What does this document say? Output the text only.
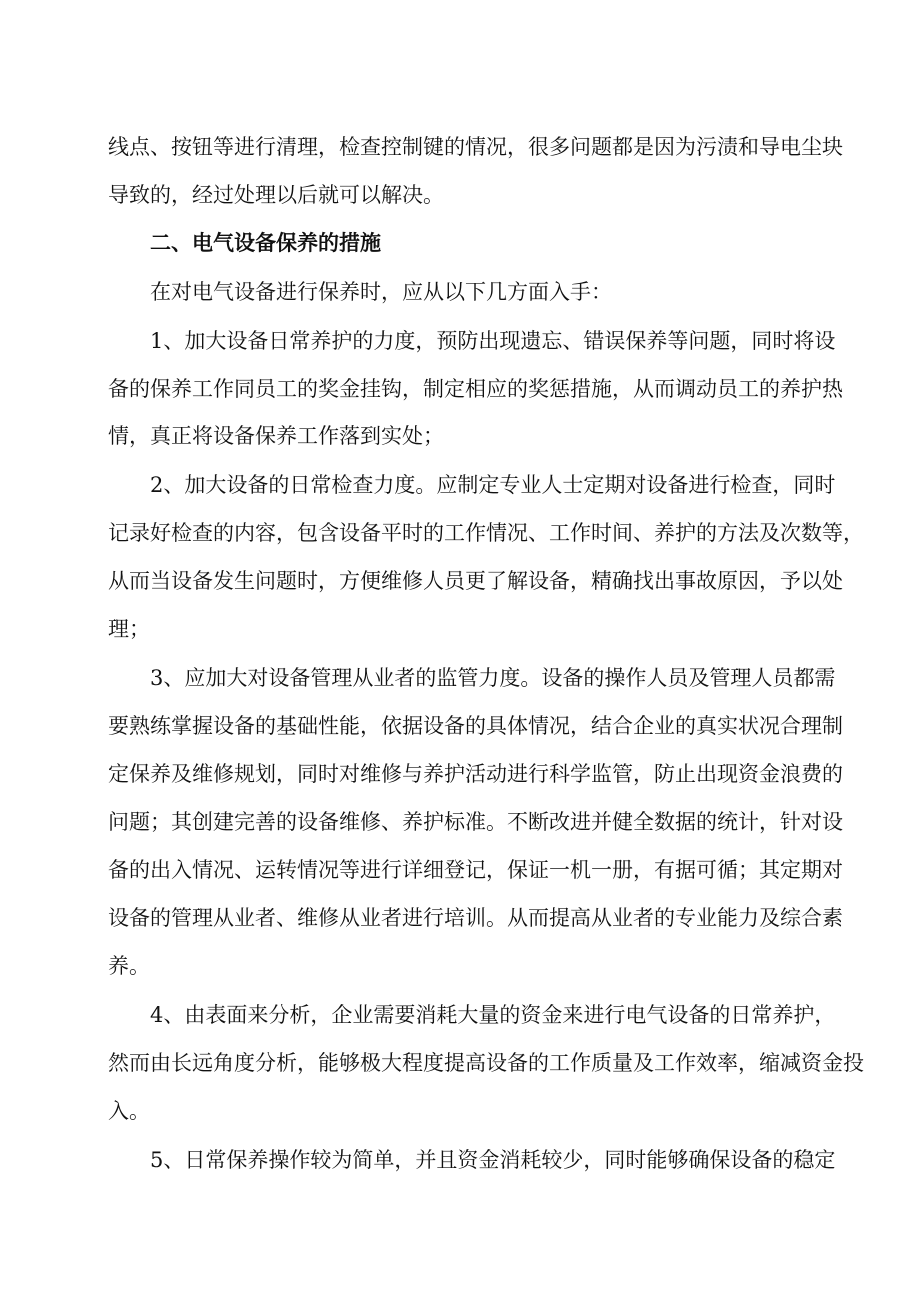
线点、按钮等进行清理，检查控制键的情况，很多问题都是因为污渍和导电尘块

导致的，经过处理以后就可以解决。

二、电气设备保养的措施

在对电气设备进行保养时，应从以下几方面入手：

1、加大设备日常养护的力度，预防出现遗忘、错误保养等问题，同时将设

备的保养工作同员工的奖金挂钩，制定相应的奖惩措施，从而调动员工的养护热

情，真正将设备保养工作落到实处；

2、加大设备的日常检查力度。应制定专业人士定期对设备进行检查，同时

记录好检查的内容，包含设备平时的工作情况、工作时间、养护的方法及次数等，

从而当设备发生问题时，方便维修人员更了解设备，精确找出事故原因，予以处

理；

3、应加大对设备管理从业者的监管力度。设备的操作人员及管理人员都需

要熟练掌握设备的基础性能，依据设备的具体情况，结合企业的真实状况合理制

定保养及维修规划，同时对维修与养护活动进行科学监管，防止出现资金浪费的

问题；其创建完善的设备维修、养护标准。不断改进并健全数据的统计，针对设

备的出入情况、运转情况等进行详细登记，保证一机一册，有据可循；其定期对

设备的管理从业者、维修从业者进行培训。从而提高从业者的专业能力及综合素

养。

4、由表面来分析，企业需要消耗大量的资金来进行电气设备的日常养护，

然而由长远角度分析，能够极大程度提高设备的工作质量及工作效率，缩减资金投

入。

5、日常保养操作较为简单，并且资金消耗较少，同时能够确保设备的稳定
